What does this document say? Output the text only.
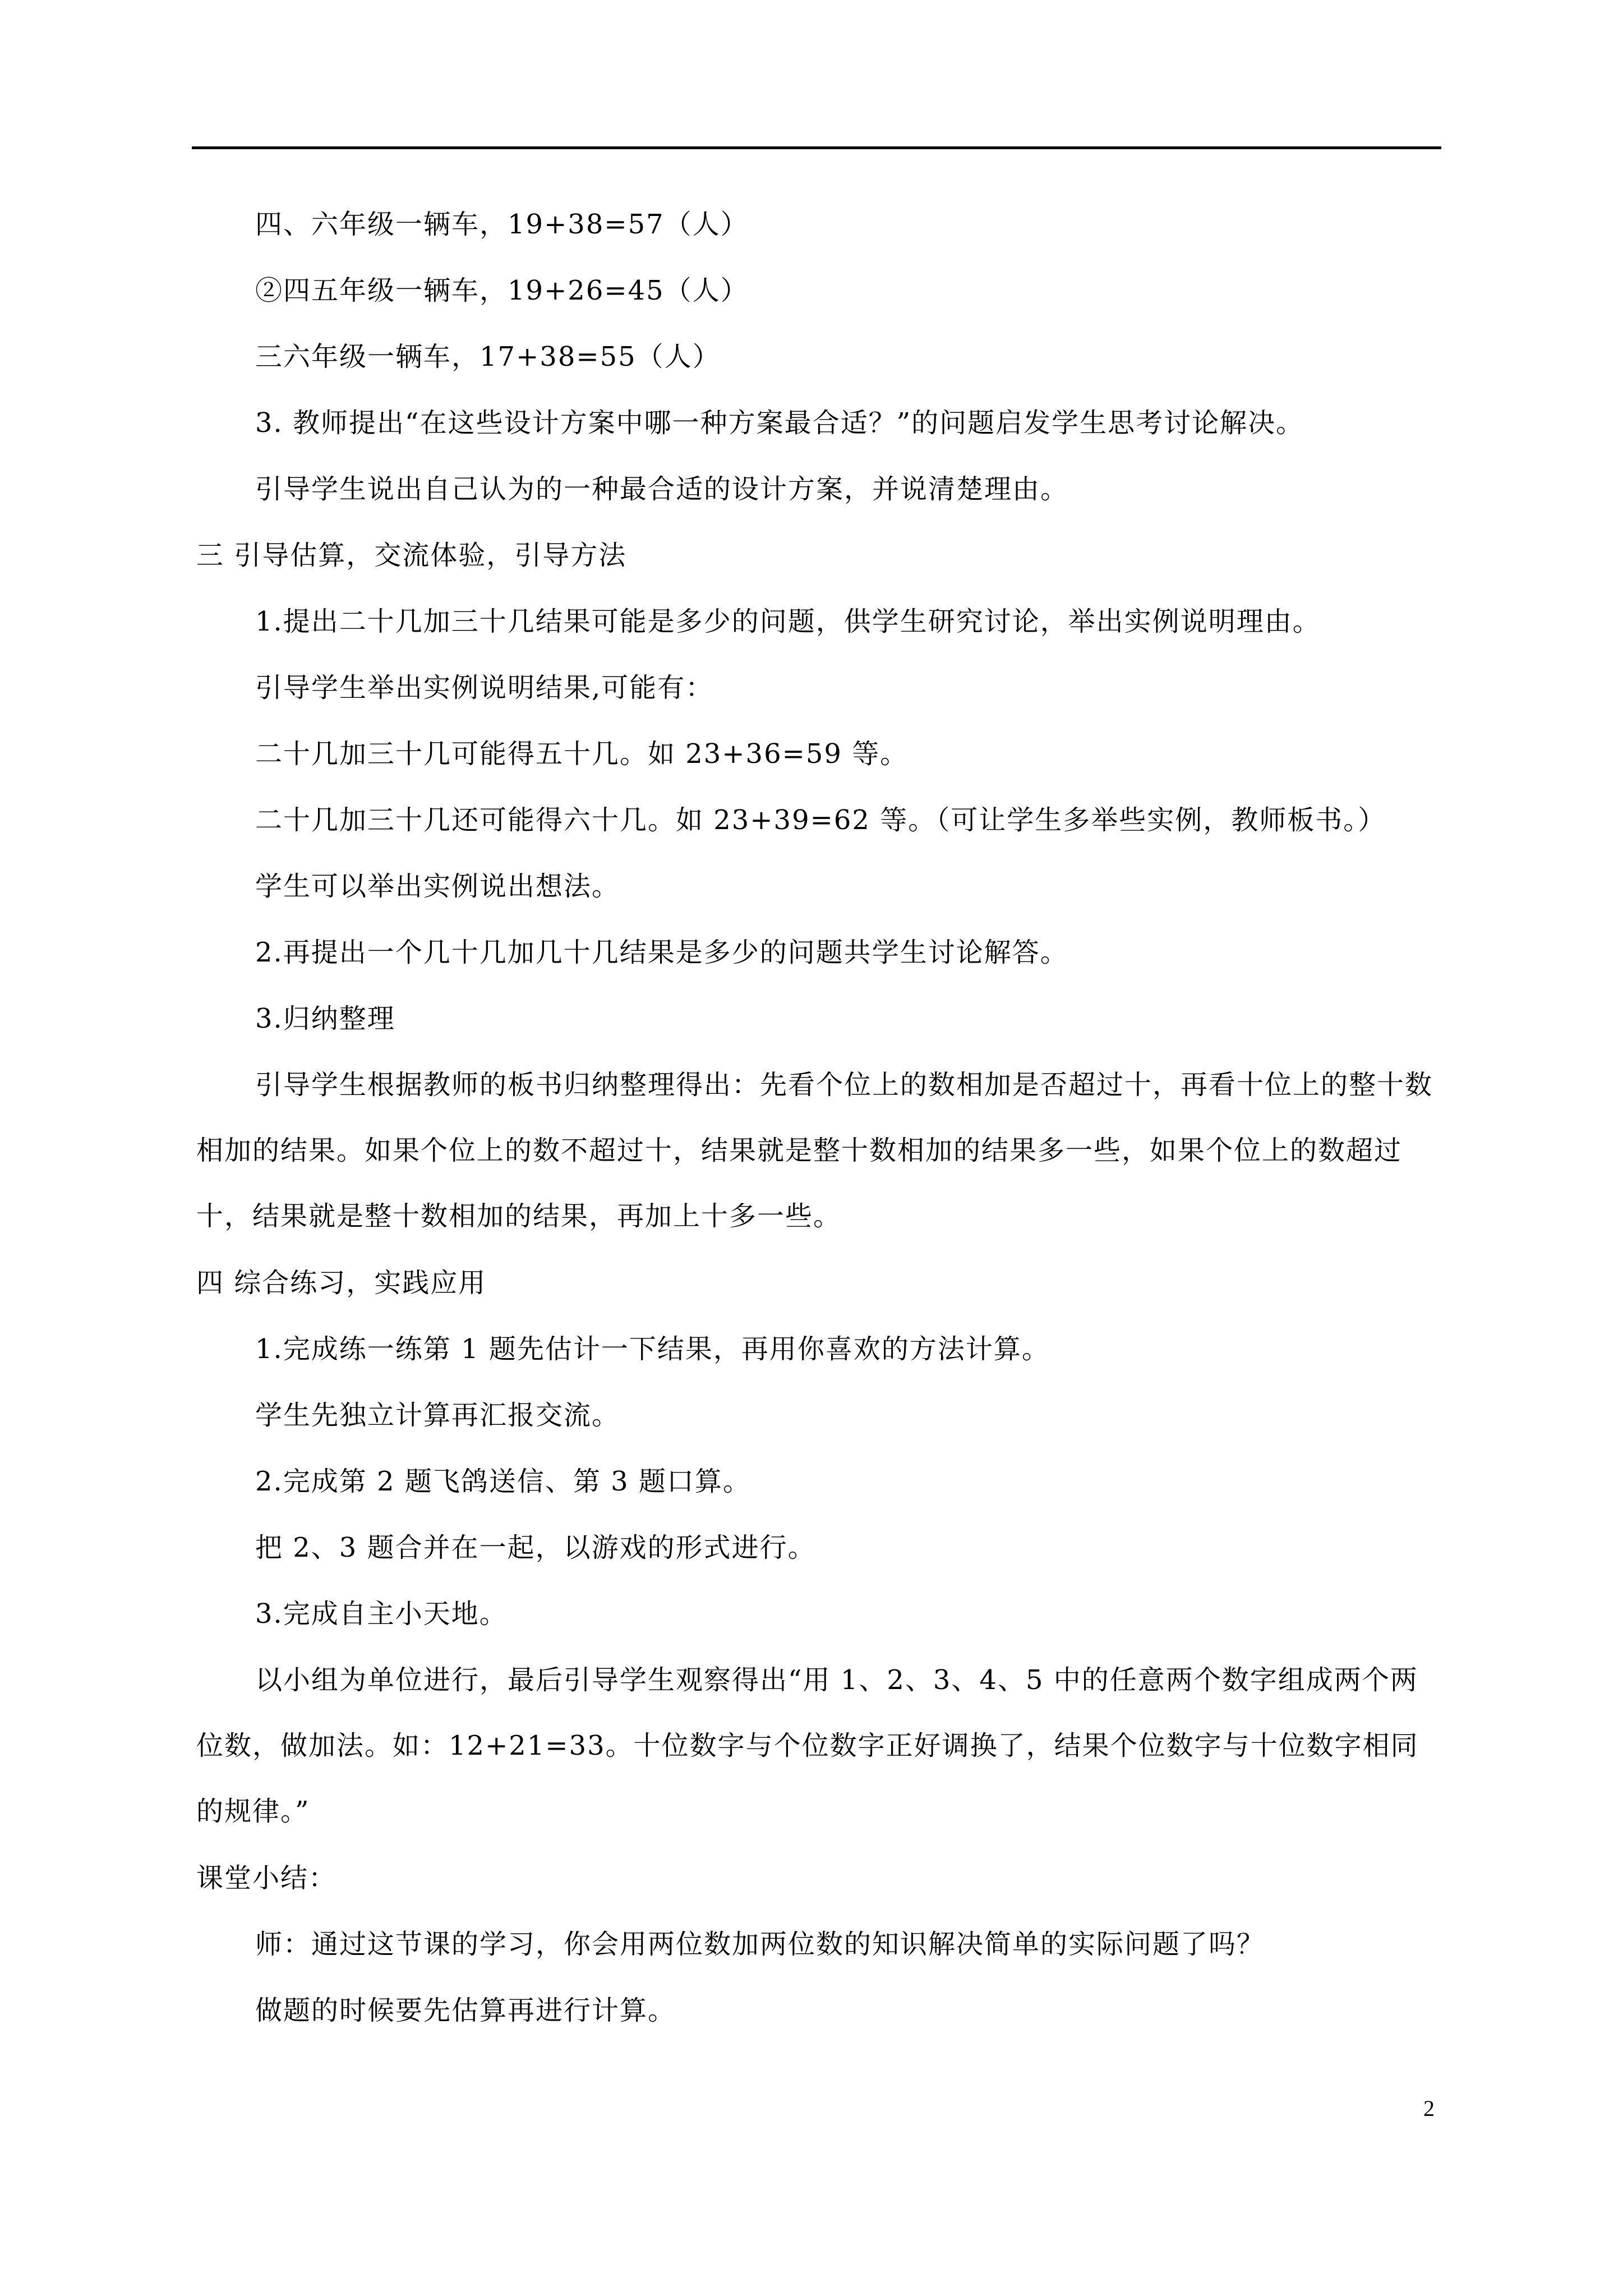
四、六年级一辆车，19+38=57（人）

②四五年级一辆车，19+26=45（人）

三六年级一辆车，17+38=55（人）

3. 教师提出“在这些设计方案中哪一种方案最合适？”的问题启发学生思考讨论解决。

引导学生说出自己认为的一种最合适的设计方案，并说清楚理由。

三 引导估算，交流体验，引导方法

1.提出二十几加三十几结果可能是多少的问题，供学生研究讨论，举出实例说明理由。

引导学生举出实例说明结果,可能有：

二十几加三十几可能得五十几。如 23+36=59 等。

二十几加三十几还可能得六十几。如 23+39=62 等。（可让学生多举些实例，教师板书。）

学生可以举出实例说出想法。

2.再提出一个几十几加几十几结果是多少的问题共学生讨论解答。

3.归纳整理

引导学生根据教师的板书归纳整理得出：先看个位上的数相加是否超过十，再看十位上的整十数相加的结果。如果个位上的数不超过十，结果就是整十数相加的结果多一些，如果个位上的数超过十，结果就是整十数相加的结果，再加上十多一些。

四 综合练习，实践应用

1.完成练一练第 1 题先估计一下结果，再用你喜欢的方法计算。

学生先独立计算再汇报交流。

2.完成第 2 题飞鸽送信、第 3 题口算。

把 2、3 题合并在一起，以游戏的形式进行。

3.完成自主小天地。

以小组为单位进行，最后引导学生观察得出“用 1、2、3、4、5 中的任意两个数字组成两个两位数，做加法。如：12+21=33。十位数字与个位数字正好调换了，结果个位数字与十位数字相同的规律。”

课堂小结：

师：通过这节课的学习，你会用两位数加两位数的知识解决简单的实际问题了吗？

做题的时候要先估算再进行计算。

2
